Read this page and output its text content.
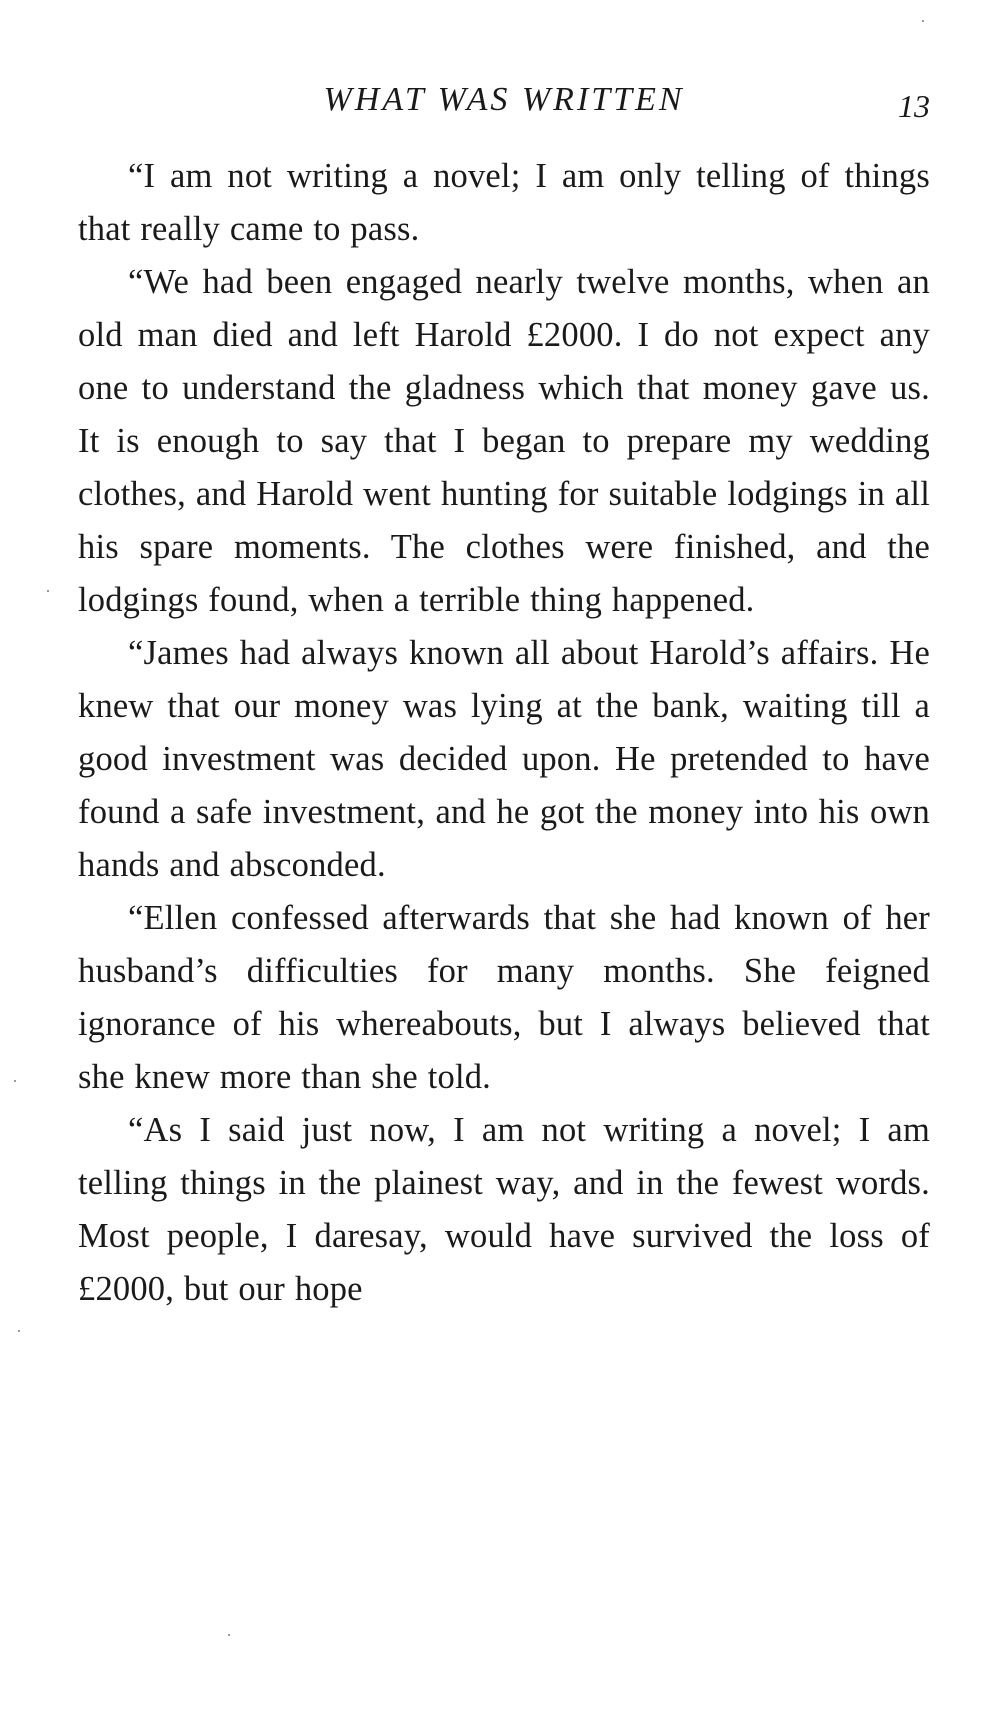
WHAT WAS WRITTEN	13

“I am not writing a novel; I am only telling of things that really came to pass.

“We had been engaged nearly twelve months, when an old man died and left Harold £2000. I do not expect any one to understand the gladness which that money gave us. It is enough to say that I began to prepare my wedding clothes, and Harold went hunting for suitable lodgings in all his spare moments. The clothes were finished, and the lodgings found, when a terrible thing happened.

“James had always known all about Harold’s affairs. He knew that our money was lying at the bank, waiting till a good investment was decided upon. He pretended to have found a safe investment, and he got the money into his own hands and absconded.

“Ellen confessed afterwards that she had known of her husband’s difficulties for many months. She feigned ignorance of his whereabouts, but I always believed that she knew more than she told.

“As I said just now, I am not writing a novel; I am telling things in the plainest way, and in the fewest words. Most people, I daresay, would have survived the loss of £2000, but our hope
